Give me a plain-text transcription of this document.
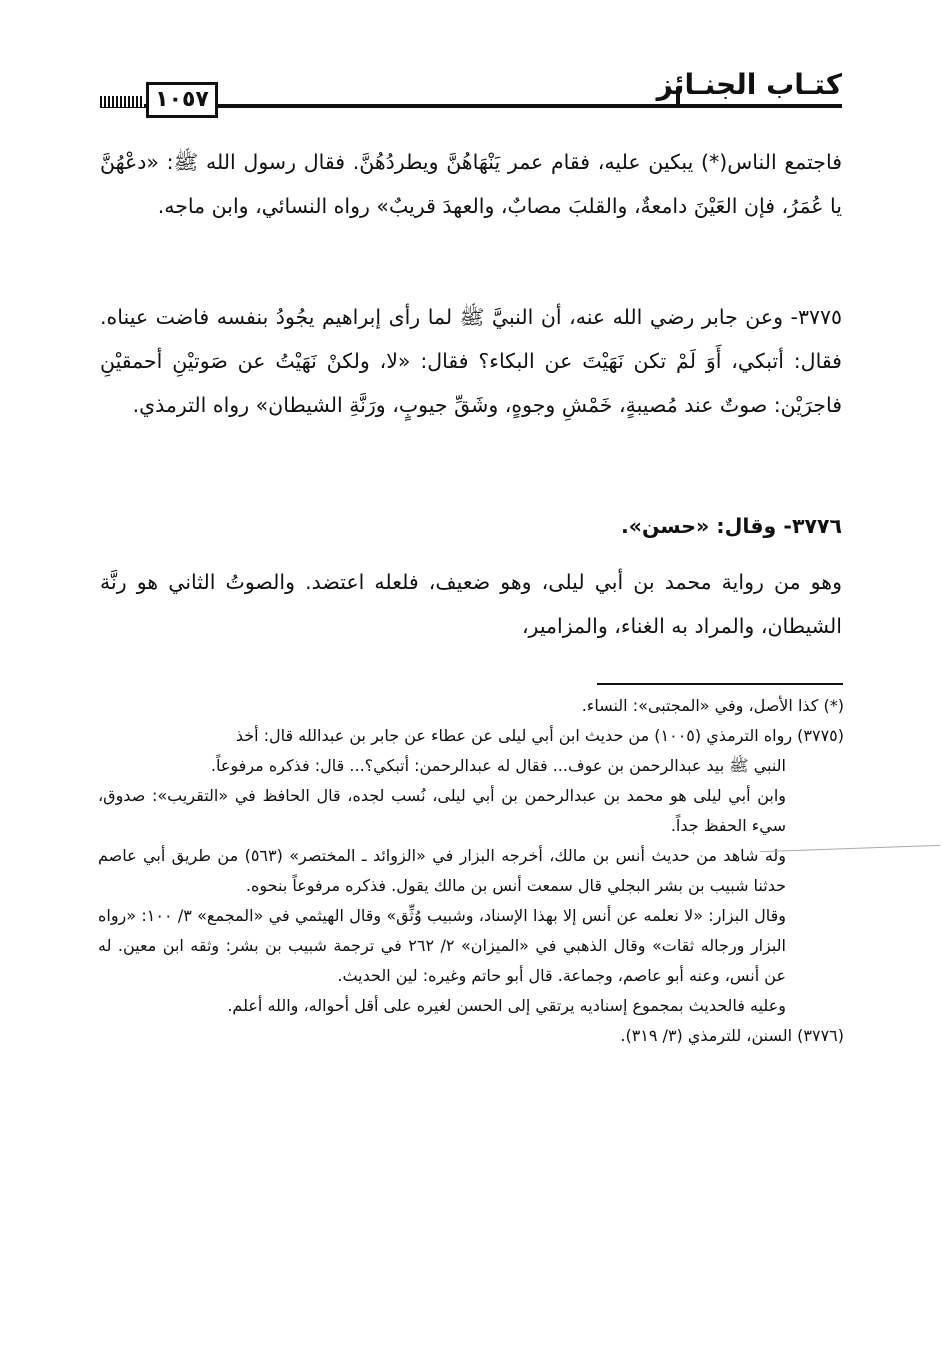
١٠٥٧	كتـاب الجنـائز

فاجتمع الناس(*) يبكين عليه، فقام عمر يَنْهَاهُنَّ ويطردُهُنَّ. فقال رسول الله ﷺ: «دعْهُنَّ يا عُمَرُ، فإن العَيْنَ دامعةٌ، والقلبَ مصابٌ، والعهدَ قريبٌ» رواه النسائي، وابن ماجه.

٣٧٧٥- وعن جابر رضي الله عنه، أن النبيَّ ﷺ لما رأى إبراهيم يجُودُ بنفسه فاضت عيناه. فقال: أتبكي، أَوَ لَمْ تكن نَهَيْتَ عن البكاء؟ فقال: «لا، ولكنْ نَهَيْتُ عن صَوتيْنِ أحمقيْنِ فاجرَيْن: صوتٌ عند مُصيبةٍ، خَمْشِ وجوهٍ، وشَقِّ جيوبٍ، ورَنَّةِ الشيطان» رواه الترمذي.

٣٧٧٦- وقال: «حسن».

وهو من رواية محمد بن أبي ليلى، وهو ضعيف، فلعله اعتضد. والصوتُ الثاني هو رنَّة الشيطان، والمراد به الغناء، والمزامير،

(*) كذا الأصل، وفي «المجتبى»: النساء.

(٣٧٧٥) رواه الترمذي (١٠٠٥) من حديث ابن أبي ليلى عن عطاء عن جابر بن عبدالله قال: أخذ

النبي ﷺ بيد عبدالرحمن بن عوف... فقال له عبدالرحمن: أتبكي؟... قال: فذكره مرفوعاً.

وابن أبي ليلى هو محمد بن عبدالرحمن بن أبي ليلى، نُسب لجده، قال الحافظ في «التقريب»: صدوق، سيء الحفظ جداً.

وله شاهد من حديث أنس بن مالك، أخرجه البزار في «الزوائد ـ المختصر» (٥٦٣) من طريق أبي عاصم حدثنا شبيب بن بشر البجلي قال سمعت أنس بن مالك يقول. فذكره مرفوعاً بنحوه.

وقال البزار: «لا نعلمه عن أنس إلا بهذا الإسناد، وشبيب وُثِّق» وقال الهيثمي في «المجمع» ٣/ ١٠٠: «رواه البزار ورجاله ثقات» وقال الذهبي في «الميزان» ٢/ ٢٦٢ في ترجمة شبيب بن بشر: وثقه ابن معين. له عن أنس، وعنه أبو عاصم، وجماعة. قال أبو حاتم وغيره: لين الحديث.

وعليه فالحديث بمجموع إسناديه يرتقي إلى الحسن لغيره على أقل أحواله، والله أعلم.

(٣٧٧٦) السنن، للترمذي (٣/ ٣١٩).
